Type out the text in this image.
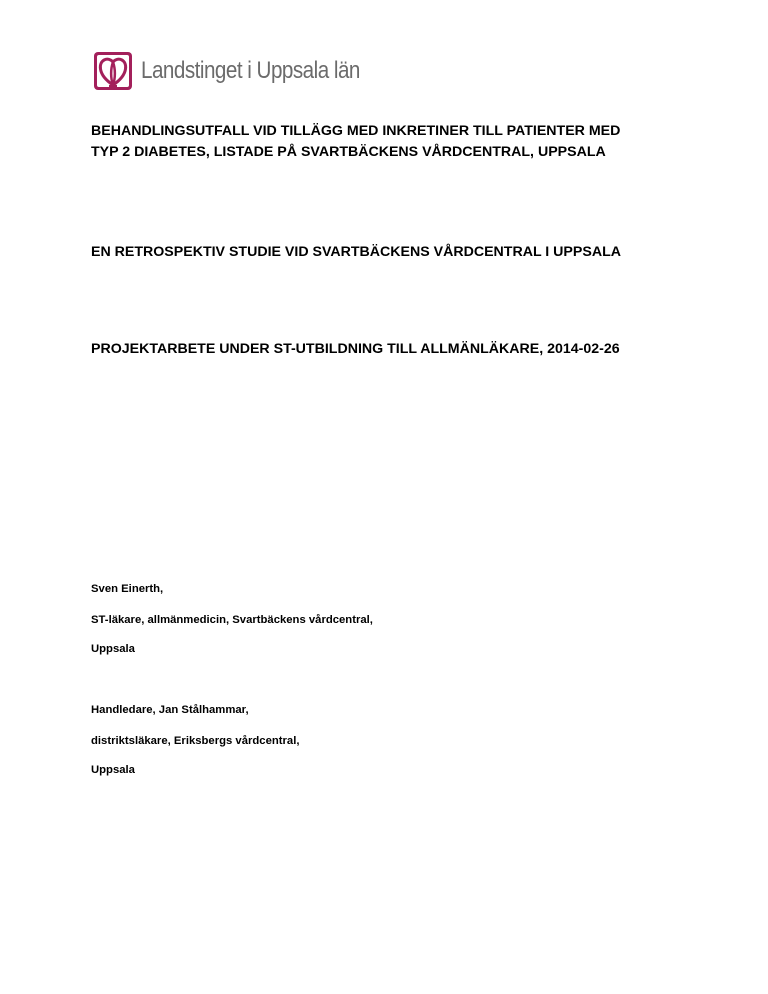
Landstinget i Uppsala län

BEHANDLINGSUTFALL VID TILLÄGG MED INKRETINER TILL PATIENTER MED
TYP 2 DIABETES, LISTADE PÅ SVARTBÄCKENS VÅRDCENTRAL, UPPSALA

EN RETROSPEKTIV STUDIE VID SVARTBÄCKENS VÅRDCENTRAL I UPPSALA

PROJEKTARBETE UNDER ST-UTBILDNING TILL ALLMÄNLÄKARE, 2014-02-26

Sven Einerth,

ST-läkare, allmänmedicin, Svartbäckens vårdcentral,

Uppsala

Handledare, Jan Stålhammar,

distriktsläkare, Eriksbergs vårdcentral,

Uppsala
